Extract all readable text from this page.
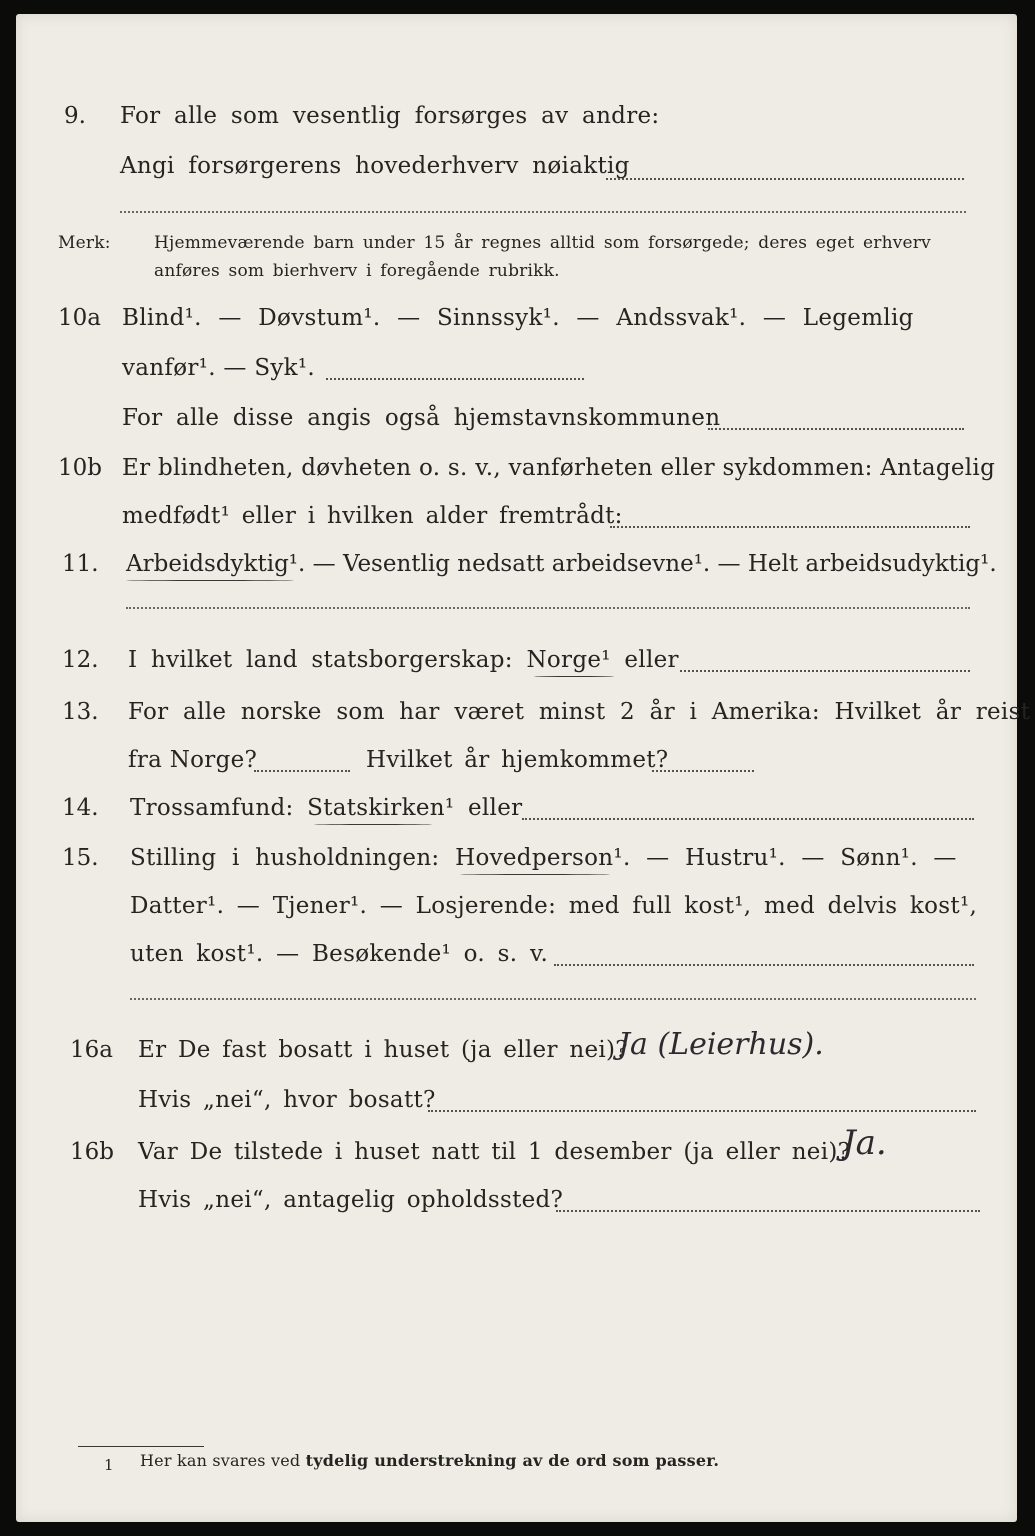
9. For alle som vesentlig forsørges av andre:
Angi forsørgerens hovederhverv nøiaktig
Merk:	Hjemmeværende barn under 15 år regnes alltid som forsørgede; deres eget erhverv
anføres som bierhverv i foregående rubrikk.
10a Blind¹. — Døvstum¹. — Sinnssyk¹. — Andssvak¹. — Legemlig
vanfør¹. — Syk¹.
For alle disse angis også hjemstavnskommunen
10b Er blindheten, døvheten o. s. v., vanførheten eller sykdommen: Antagelig
medfødt¹ eller i hvilken alder fremtrådt:
11. Arbeidsdyktig¹. — Vesentlig nedsatt arbeidsevne¹. — Helt arbeidsudyktig¹.
12. I hvilket land statsborgerskap: Norge¹ eller
13. For alle norske som har været minst 2 år i Amerika: Hvilket år reist
fra Norge?	Hvilket år hjemkommet?
14. Trossamfund: Statskirken¹ eller
15. Stilling i husholdningen: Hovedperson¹. — Hustru¹. — Sønn¹. —
Datter¹. — Tjener¹. — Losjerende: med full kost¹, med delvis kost¹,
uten kost¹. — Besøkende¹ o. s. v.
16a Er De fast bosatt i huset (ja eller nei)?
Ja (Leierhus).
Hvis „nei“, hvor bosatt?
16b Var De tilstede i huset natt til 1 desember (ja eller nei)?
Ja.
Hvis „nei“, antagelig opholdssted?
1 Her kan svares ved tydelig understrekning av de ord som passer.
